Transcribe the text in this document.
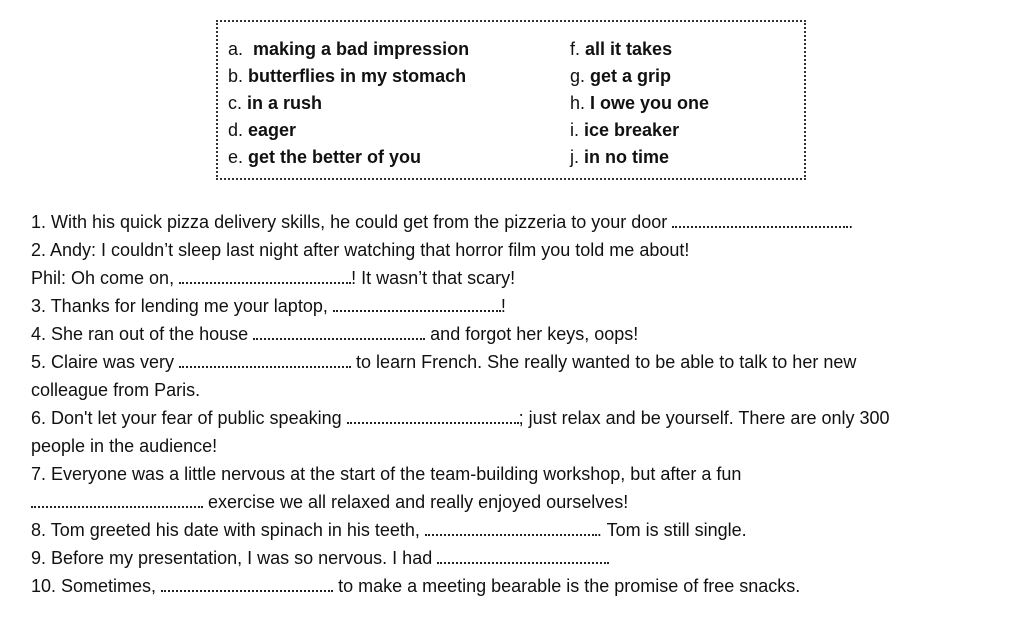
a. making a bad impression
b. butterflies in my stomach
c. in a rush
d. eager
e. get the better of you
f. all it takes
g. get a grip
h. I owe you one
i. ice breaker
j. in no time
1. With his quick pizza delivery skills, he could get from the pizzeria to your door	.
2. Andy: I couldn’t sleep last night after watching that horror film you told me about!
Phil: Oh come on,	! It wasn’t that scary!
3. Thanks for lending me your laptop,	!
4. She ran out of the house	and forgot her keys, oops!
5. Claire was very	to learn French. She really wanted to be able to talk to her new
colleague from Paris.
6. Don't let your fear of public speaking	; just relax and be yourself. There are only 300
people in the audience!
7. Everyone was a little nervous at the start of the team-building workshop, but after a fun
exercise we all relaxed and really enjoyed ourselves!
8. Tom greeted his date with spinach in his teeth,	. Tom is still single.
9. Before my presentation, I was so nervous. I had
10. Sometimes,	to make a meeting bearable is the promise of free snacks.
